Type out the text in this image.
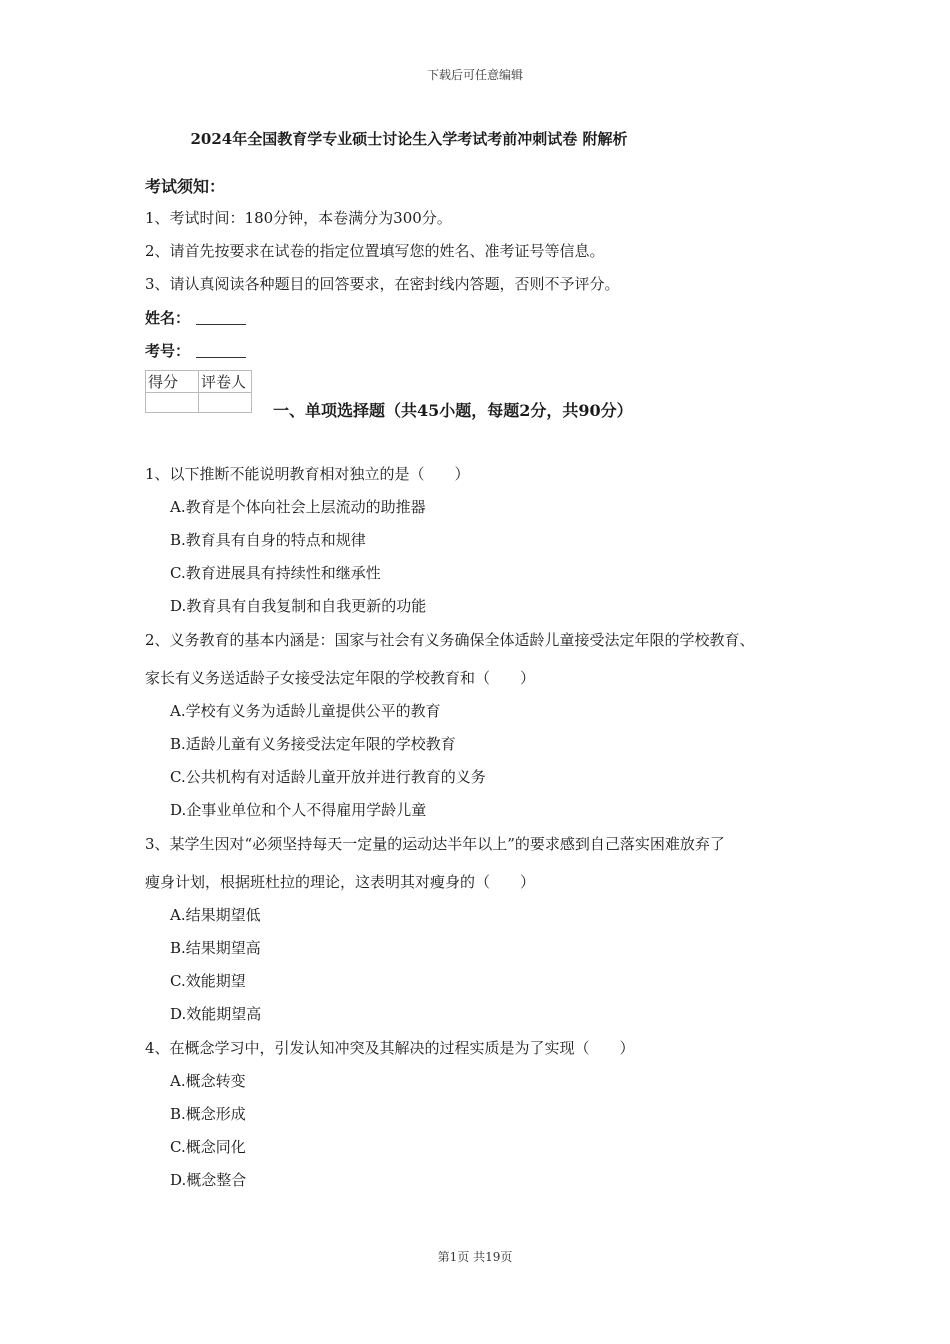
下载后可任意编辑
2024年全国教育学专业硕士讨论生入学考试考前冲刺试卷 附解析
考试须知：
1、考试时间：180分钟，本卷满分为300分。
2、请首先按要求在试卷的指定位置填写您的姓名、准考证号等信息。
3、请认真阅读各种题目的回答要求，在密封线内答题，否则不予评分。
姓名：
考号：
得分	评卷人

一、单项选择题（共45小题，每题2分，共90分）
1、以下推断不能说明教育相对独立的是（　　）
A.教育是个体向社会上层流动的助推器
B.教育具有自身的特点和规律
C.教育进展具有持续性和继承性
D.教育具有自我复制和自我更新的功能
2、义务教育的基本内涵是：国家与社会有义务确保全体适龄儿童接受法定年限的学校教育、
家长有义务送适龄子女接受法定年限的学校教育和（　　）
A.学校有义务为适龄儿童提供公平的教育
B.适龄儿童有义务接受法定年限的学校教育
C.公共机构有对适龄儿童开放并进行教育的义务
D.企事业单位和个人不得雇用学龄儿童
3、某学生因对“必须坚持每天一定量的运动达半年以上”的要求感到自己落实困难放弃了
瘦身计划，根据班杜拉的理论，这表明其对瘦身的（　　）
A.结果期望低
B.结果期望高
C.效能期望
D.效能期望高
4、在概念学习中，引发认知冲突及其解决的过程实质是为了实现（　　）
A.概念转变
B.概念形成
C.概念同化
D.概念整合
第1页 共19页
